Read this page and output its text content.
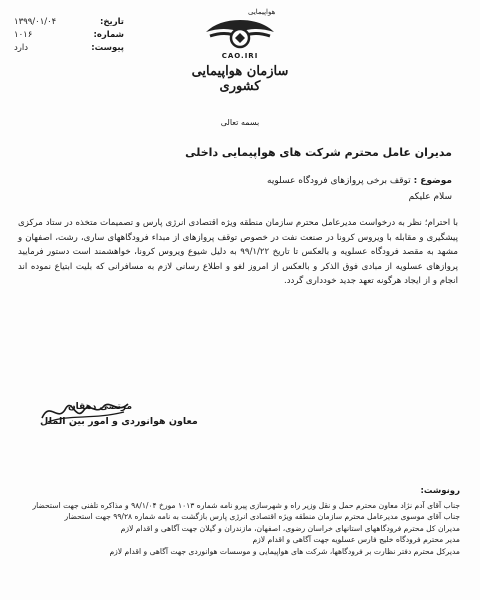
تاریخ:
۱۳۹۹/۰۱/۰۴
شماره:
۱۰۱۶
پیوست:
دارد
هواپیمایی
CAO.IRI
سازمان هواپیمایی کشوری
بسمه تعالی
مدیران عامل محترم شرکت های هواپیمایی داخلی
موضوع : توقف برخی پروازهای فرودگاه عسلویه
سلام علیکم
با احترام؛ نظر به درخواست مدیرعامل محترم سازمان منطقه ویژه اقتصادی انرژی پارس و تصمیمات متخذه در ستاد مرکزی پیشگیری و مقابله با ویروس کرونا در صنعت نفت در خصوص توقف پروازهای از مبداء فرودگاههای ساری، رشت، اصفهان و مشهد به مقصد فرودگاه عسلویه و بالعکس تا تاریخ ۹۹/۱/۲۲ به دلیل شیوع ویروس کرونا، خواهشمند است دستور فرمایید پروازهای عسلویه از مبادی فوق الذکر و بالعکس از امروز لغو و اطلاع رسانی لازم به مسافرانی که بلیت ابتیاع نموده اند انجام و از ایجاد هرگونه تعهد جدید خودداری گردد.
مرتضی دهقان
معاون هوانوردی و امور بین الملل
رونوشت:

جناب آقای آدم نژاد معاون محترم حمل و نقل وزیر راه و شهرسازی پیرو نامه شماره ۱۰۱۳ مورخ ۹۸/۱/۰۴ و مذاکره تلفنی جهت استحضار

جناب آقای موسوی مدیرعامل محترم سازمان منطقه ویژه اقتصادی انرژی پارس بازگشت به نامه شماره ۹۹/۲۸ جهت استحضار

مدیران کل محترم فرودگاههای استانهای خراسان رضوی، اصفهان، مازندران و گیلان جهت آگاهی و اقدام لازم

مدیر محترم فرودگاه خلیج فارس عسلویه جهت آگاهی و اقدام لازم

مدیرکل محترم دفتر نظارت بر فرودگاهها، شرکت های هواپیمایی و موسسات هوانوردی جهت آگاهی و اقدام لازم
